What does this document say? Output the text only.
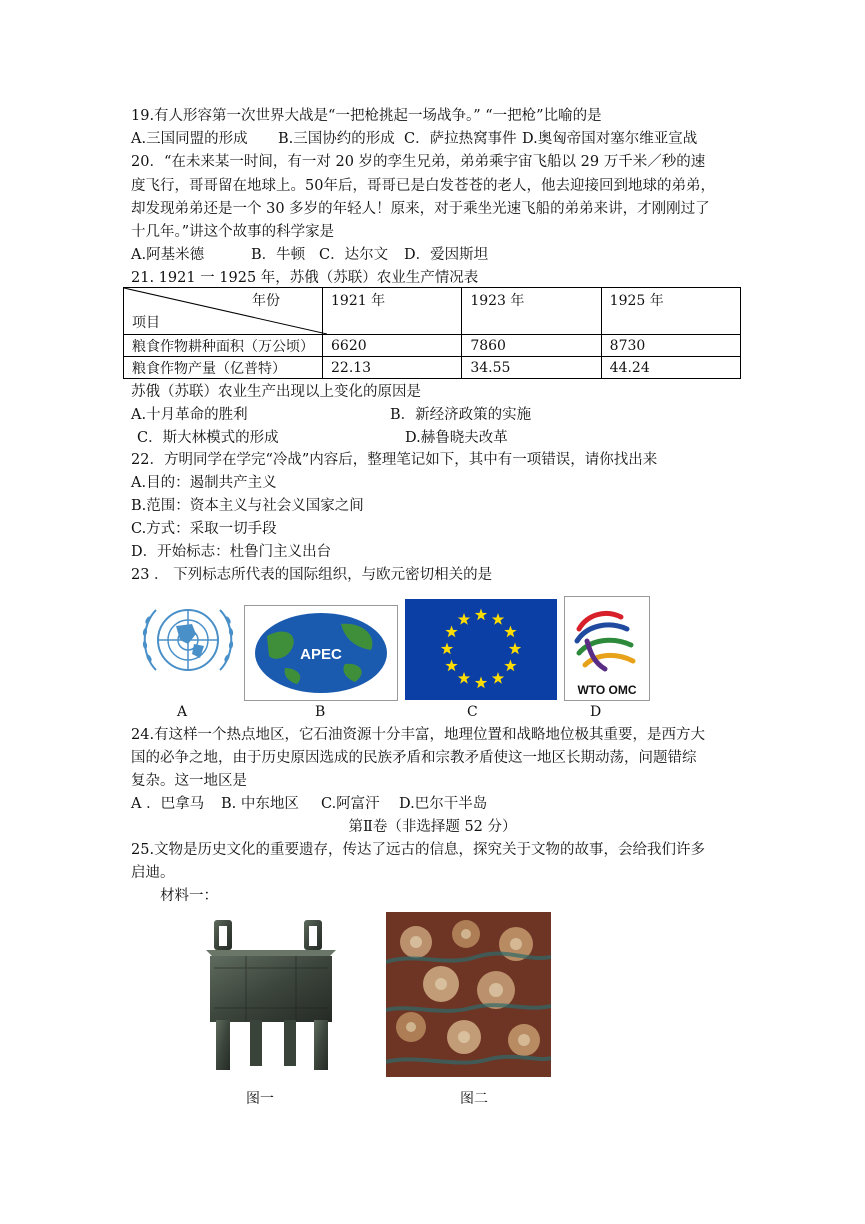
19.有人形容第一次世界大战是“一把枪挑起一场战争。” “一把枪”比喻的是
A.三国同盟的形成 B.三国协约的形成 C．萨拉热窝事件 D.奥匈帝国对塞尔维亚宣战
20．“在未来某一时间，有一对 20 岁的孪生兄弟，弟弟乘宇宙飞船以 29 万千米／秒的速
度飞行，哥哥留在地球上。50年后，哥哥已是白发苍苍的老人，他去迎接回到地球的弟弟，
却发现弟弟还是一个 30 多岁的年轻人！原来，对于乘坐光速飞船的弟弟来讲，才刚刚过了
十几年。”讲这个故事的科学家是
A.阿基米德	B．牛顿 C．达尔文 D．爱因斯坦
21. 1921 一 1925 年，苏俄（苏联）农业生产情况表
年份
项目	1921 年	1923 年	1925 年
粮食作物耕种面积（万公顷）	6620	7860	8730
粮食作物产量（亿普特）	22.13	34.55	44.24
苏俄（苏联）农业生产出现以上变化的原因是
A.十月革命的胜利	B．新经济政策的实施
C．斯大林模式的形成	D.赫鲁晓夫改革
22．方明同学在学完“冷战”内容后，整理笔记如下，其中有一项错误，请你找出来
A.目的：遏制共产主义
B.范围：资本主义与社会义国家之间
C.方式：采取一切手段
D．开始标志：杜鲁门主义出台
23 ． 下列标志所代表的国际组织，与欧元密切相关的是
APEC
WTO OMC
A	B	C	D
24.有这样一个热点地区，它石油资源十分丰富，地理位置和战略地位极其重要，是西方大
国的必争之地，由于历史原因选成的民族矛盾和宗教矛盾使这一地区长期动荡，问题错综
复杂。这一地区是
A ．巴拿马 B. 中东地区 C.阿富汗 D.巴尔干半岛
第Ⅱ卷（非选择题 52 分）
25.文物是历史文化的重要遗存，传达了远古的信息，探究关于文物的故事，会给我们许多
启迪。
材料一：
图一	图二
